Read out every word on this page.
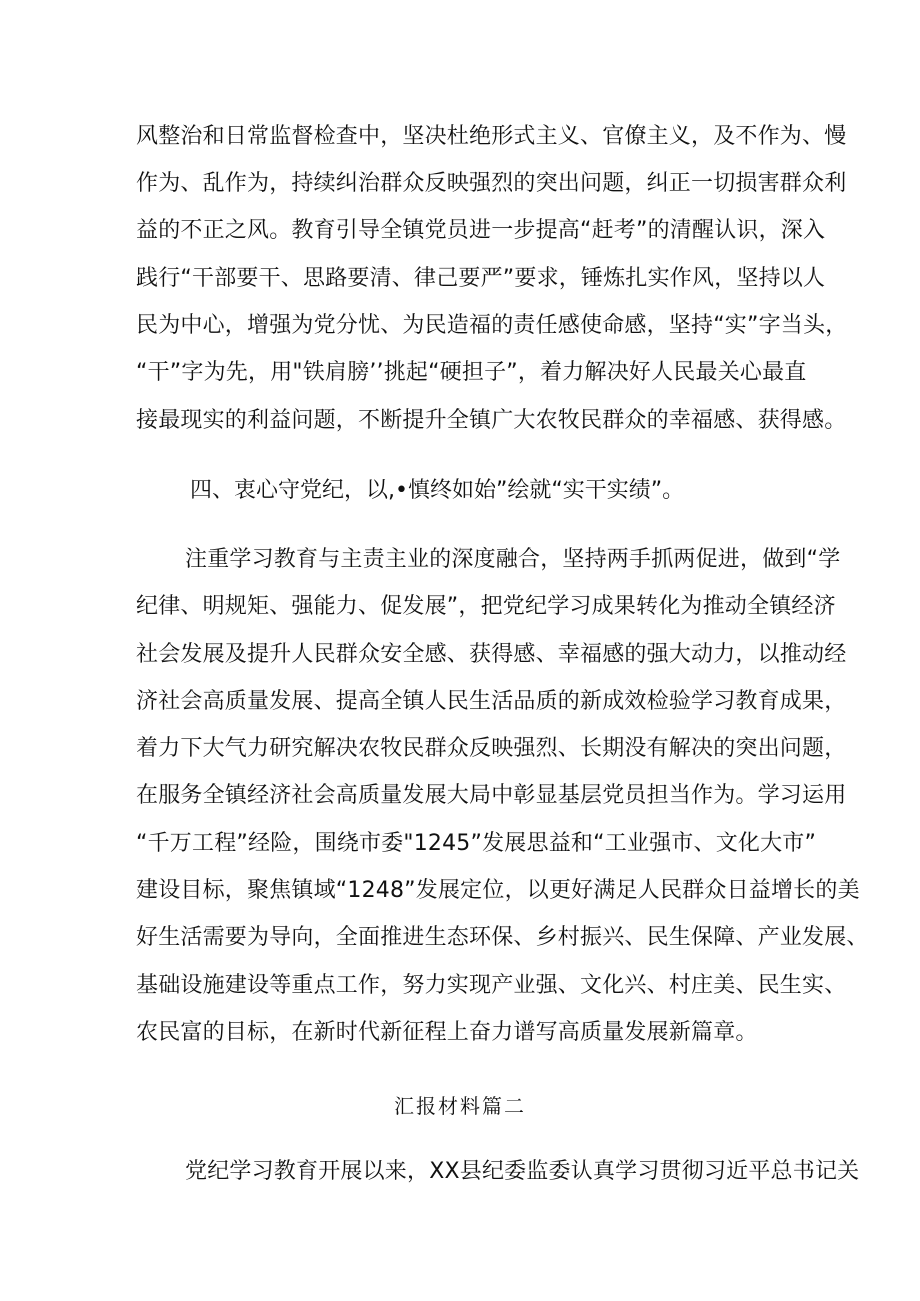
风整治和日常监督检查中，坚决杜绝形式主义、官僚主义，及不作为、慢
作为、乱作为，持续纠治群众反映强烈的突出问题，纠正一切损害群众利
益的不正之风。教育引导全镇党员进一步提高“赶考”的清醒认识，深入
践行“干部要干、思路要清、律己要严”要求，锤炼扎实作风，坚持以人
民为中心，增强为党分忧、为民造福的责任感使命感，坚持“实”字当头，
“干”字为先，用"铁肩膀’’挑起“硬担子”，着力解决好人民最关心最直
接最现实的利益问题，不断提升全镇广大农牧民群众的幸福感、获得感。
四、衷心守党纪，以,•慎终如始”绘就“实干实绩”。
注重学习教育与主责主业的深度融合，坚持两手抓两促进，做到“学
纪律、明规矩、强能力、促发展”，把党纪学习成果转化为推动全镇经济
社会发展及提升人民群众安全感、获得感、幸福感的强大动力，以推动经
济社会高质量发展、提高全镇人民生活品质的新成效检验学习教育成果，
着力下大气力研究解决农牧民群众反映强烈、长期没有解决的突出问题，
在服务全镇经济社会高质量发展大局中彰显基层党员担当作为。学习运用
“千万工程”经险，围绕市委"1245”发展思益和“工业强市、文化大市”
建设目标，聚焦镇域“1248”发展定位，以更好满足人民群众日益增长的美
好生活需要为导向，全面推进生态环保、乡村振兴、民生保障、产业发展、
基础设施建设等重点工作，努力实现产业强、文化兴、村庄美、民生实、
农民富的目标，在新时代新征程上奋力谱写高质量发展新篇章。
汇报材料篇二
党纪学习教育开展以来，XX县纪委监委认真学习贯彻习近平总书记关
